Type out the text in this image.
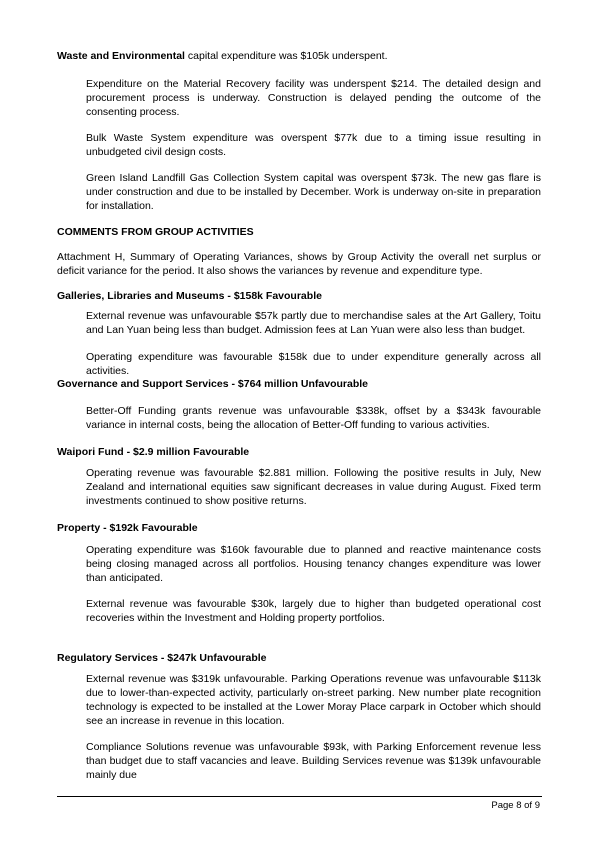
Waste and Environmental capital expenditure was $105k underspent.
Expenditure on the Material Recovery facility was underspent $214. The detailed design and procurement process is underway. Construction is delayed pending the outcome of the consenting process.
Bulk Waste System expenditure was overspent $77k due to a timing issue resulting in unbudgeted civil design costs.
Green Island Landfill Gas Collection System capital was overspent $73k. The new gas flare is under construction and due to be installed by December. Work is underway on-site in preparation for installation.
COMMENTS FROM GROUP ACTIVITIES
Attachment H, Summary of Operating Variances, shows by Group Activity the overall net surplus or deficit variance for the period. It also shows the variances by revenue and expenditure type.
Galleries, Libraries and Museums - $158k Favourable
External revenue was unfavourable $57k partly due to merchandise sales at the Art Gallery, Toitu and Lan Yuan being less than budget. Admission fees at Lan Yuan were also less than budget.
Operating expenditure was favourable $158k due to under expenditure generally across all activities.
Governance and Support Services - $764 million Unfavourable
Better-Off Funding grants revenue was unfavourable $338k, offset by a $343k favourable variance in internal costs, being the allocation of Better-Off funding to various activities.
Waipori Fund - $2.9 million Favourable
Operating revenue was favourable $2.881 million. Following the positive results in July, New Zealand and international equities saw significant decreases in value during August. Fixed term investments continued to show positive returns.
Property - $192k Favourable
Operating expenditure was $160k favourable due to planned and reactive maintenance costs being closing managed across all portfolios. Housing tenancy changes expenditure was lower than anticipated.
External revenue was favourable $30k, largely due to higher than budgeted operational cost recoveries within the Investment and Holding property portfolios.
Regulatory Services - $247k Unfavourable
External revenue was $319k unfavourable. Parking Operations revenue was unfavourable $113k due to lower-than-expected activity, particularly on-street parking. New number plate recognition technology is expected to be installed at the Lower Moray Place carpark in October which should see an increase in revenue in this location.
Compliance Solutions revenue was unfavourable $93k, with Parking Enforcement revenue less than budget due to staff vacancies and leave. Building Services revenue was $139k unfavourable mainly due
Page 8 of 9
